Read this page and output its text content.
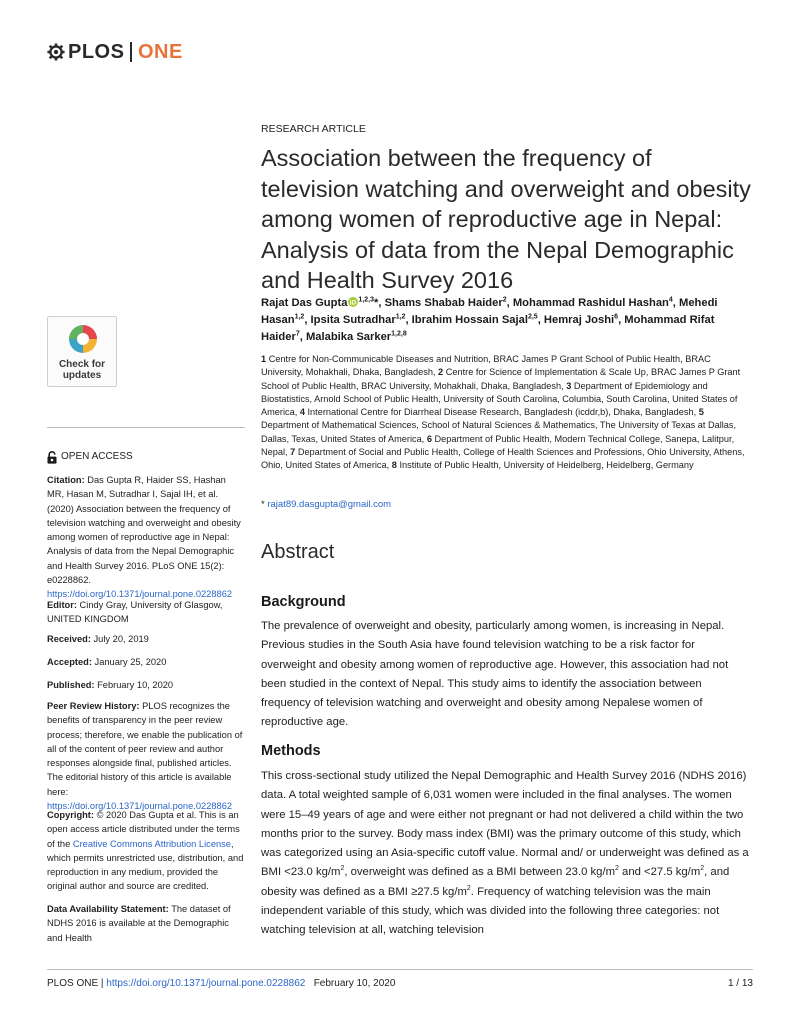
PLOS ONE
RESEARCH ARTICLE
Association between the frequency of television watching and overweight and obesity among women of reproductive age in Nepal: Analysis of data from the Nepal Demographic and Health Survey 2016
Rajat Das Gupta iD $^{1,2,3}$*, Shams Shabab Haider$^2$, Mohammad Rashidul Hashan$^4$, Mehedi Hasan$^{1,2}$, Ipsita Sutradhar$^{1,2}$, Ibrahim Hossain Sajal$^{2,5}$, Hemraj Joshi$^6$, Mohammad Rifat Haider$^7$, Malabika Sarker$^{1,2,8}$
1 Centre for Non-Communicable Diseases and Nutrition, BRAC James P Grant School of Public Health, BRAC University, Mohakhali, Dhaka, Bangladesh, 2 Centre for Science of Implementation & Scale Up, BRAC James P Grant School of Public Health, BRAC University, Mohakhali, Dhaka, Bangladesh, 3 Department of Epidemiology and Biostatistics, Arnold School of Public Health, University of South Carolina, Columbia, South Carolina, United States of America, 4 International Centre for Diarrheal Disease Research, Bangladesh (icddr,b), Dhaka, Bangladesh, 5 Department of Mathematical Sciences, School of Natural Sciences & Mathematics, The University of Texas at Dallas, Dallas, Texas, United States of America, 6 Department of Public Health, Modern Technical College, Sanepa, Lalitpur, Nepal, 7 Department of Social and Public Health, College of Health Sciences and Professions, Ohio University, Athens, Ohio, United States of America, 8 Institute of Public Health, University of Heidelberg, Heidelberg, Germany
* rajat89.dasgupta@gmail.com
Abstract
Background
The prevalence of overweight and obesity, particularly among women, is increasing in Nepal. Previous studies in the South Asia have found television watching to be a risk factor for overweight and obesity among women of reproductive age. However, this association had not been studied in the context of Nepal. This study aims to identify the association between frequency of television watching and overweight and obesity among Nepalese women of reproductive age.
Methods
This cross-sectional study utilized the Nepal Demographic and Health Survey 2016 (NDHS 2016) data. A total weighted sample of 6,031 women were included in the final analyses. The women were 15–49 years of age and were either not pregnant or had not delivered a child within the two months prior to the survey. Body mass index (BMI) was the primary outcome of this study, which was categorized using an Asia-specific cutoff value. Normal and/ or underweight was defined as a BMI <23.0 $kg/m^2$, overweight was defined as a BMI between 23.0 $kg/m^2$ and <27.5 $kg/m^2$, and obesity was defined as a BMI ≥27.5 $kg/m^2$. Frequency of watching television was the main independent variable of this study, which was divided into the following three categories: not watching television at all, watching television
Check for
updates
OPEN ACCESS
Citation: Das Gupta R, Haider SS, Hashan MR, Hasan M, Sutradhar I, Sajal IH, et al. (2020) Association between the frequency of television watching and overweight and obesity among women of reproductive age in Nepal: Analysis of data from the Nepal Demographic and Health Survey 2016. PLoS ONE 15(2): e0228862. https://doi.org/10.1371/journal.pone.0228862
Editor: Cindy Gray, University of Glasgow, UNITED KINGDOM
Received: July 20, 2019
Accepted: January 25, 2020
Published: February 10, 2020
Peer Review History: PLOS recognizes the benefits of transparency in the peer review process; therefore, we enable the publication of all of the content of peer review and author responses alongside final, published articles. The editorial history of this article is available here: https://doi.org/10.1371/journal.pone.0228862
Copyright: © 2020 Das Gupta et al. This is an open access article distributed under the terms of the Creative Commons Attribution License, which permits unrestricted use, distribution, and reproduction in any medium, provided the original author and source are credited.
Data Availability Statement: The dataset of NDHS 2016 is available at the Demographic and Health
PLOS ONE | https://doi.org/10.1371/journal.pone.0228862 February 10, 2020	1 / 13
